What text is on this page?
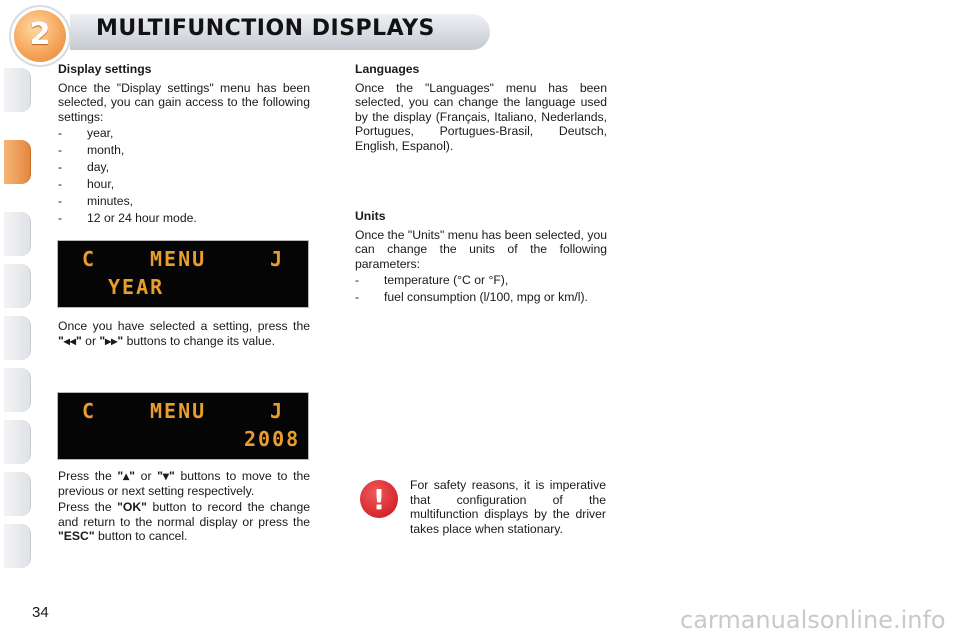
2	MULTIFUNCTION DISPLAYS
Display settings

Once the "Display settings" menu has been selected, you can gain access to the following settings:

- year,
- month,
- day,
- hour,
- minutes,
- 12 or 24 hour mode.
C	MENU	J
YEAR

Once you have selected a setting, press the "◂◂" or "▸▸" buttons to change its value.

C	MENU	J
2008

Press the "▴" or "▾" buttons to move to the previous or next setting respectively.

Press the "OK" button to record the change and return to the normal display or press the "ESC" button to cancel.

Languages

Once the "Languages" menu has been selected, you can change the language used by the display (Français, Italiano, Nederlands, Portugues, Portugues-Brasil, Deutsch, English, Espanol).

Units

Once the "Units" menu has been selected, you can change the units of the following parameters:

- temperature (°C or °F),
- fuel consumption (l/100, mpg or km/l).
!	For safety reasons, it is imperative that configuration of the multifunction displays by the driver takes place when stationary.

34	carmanualsonline.info
